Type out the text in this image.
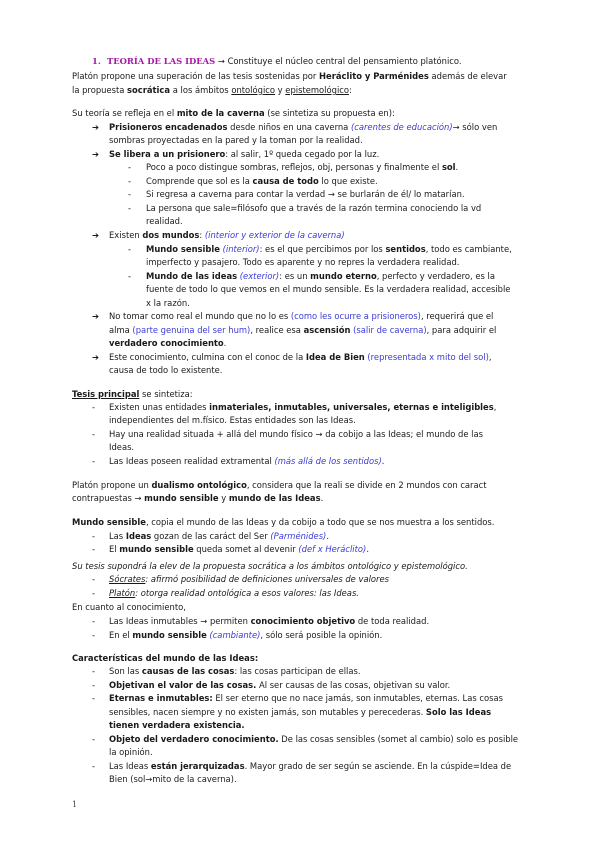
1. TEORÍA DE LAS IDEAS → Constituye el núcleo central del pensamiento platónico.
Platón propone una superación de las tesis sostenidas por Heráclito y Parménides además de elevar
la propuesta socrática a los ámbitos ontológico y epistemológico:
Su teoría se refleja en el mito de la caverna (se sintetiza su propuesta en):
➔ Prisioneros encadenados desde niños en una caverna (carentes de educación)→ sólo ven
sombras proyectadas en la pared y la toman por la realidad.
➔ Se libera a un prisionero: al salir, 1º queda cegado por la luz.
- Poco a poco distingue sombras, reflejos, obj, personas y finalmente el sol.
- Comprende que sol es la causa de todo lo que existe.
- Si regresa a caverna para contar la verdad → se burlarán de él/ lo matarían.
- La persona que sale=filósofo que a través de la razón termina conociendo la vd
realidad.
➔ Existen dos mundos: (interior y exterior de la caverna)
- Mundo sensible (interior): es el que percibimos por los sentidos, todo es cambiante,
imperfecto y pasajero. Todo es aparente y no repres la verdadera realidad.
- Mundo de las ideas (exterior): es un mundo eterno, perfecto y verdadero, es la
fuente de todo lo que vemos en el mundo sensible. Es la verdadera realidad, accesible
x la razón.
➔ No tomar como real el mundo que no lo es (como les ocurre a prisioneros), requerirá que el
alma (parte genuina del ser hum), realice esa ascensión (salir de caverna), para adquirir el
verdadero conocimiento.
➔ Este conocimiento, culmina con el conoc de la Idea de Bien (representada x mito del sol),
causa de todo lo existente.
Tesis principal se sintetiza:
- Existen unas entidades inmateriales, inmutables, universales, eternas e inteligibles,
independientes del m.físico. Estas entidades son las Ideas.
- Hay una realidad situada + allá del mundo físico → da cobijo a las Ideas; el mundo de las
Ideas.
- Las Ideas poseen realidad extramental (más allá de los sentidos).
Platón propone un dualismo ontológico, considera que la reali se divide en 2 mundos con caract
contrapuestas → mundo sensible y mundo de las Ideas.
Mundo sensible, copia el mundo de las Ideas y da cobijo a todo que se nos muestra a los sentidos.
- Las Ideas gozan de las caráct del Ser (Parménides).
- El mundo sensible queda somet al devenir (def x Heráclito).
Su tesis supondrá la elev de la propuesta socrática a los ámbitos ontológico y epistemológico.
- Sócrates: afirmó posibilidad de definiciones universales de valores
- Platón: otorga realidad ontológica a esos valores: las Ideas.
En cuanto al conocimiento,
- Las Ideas inmutables → permiten conocimiento objetivo de toda realidad.
- En el mundo sensible (cambiante), sólo será posible la opinión.
Características del mundo de las Ideas:
- Son las causas de las cosas: las cosas participan de ellas.
- Objetivan el valor de las cosas. Al ser causas de las cosas, objetivan su valor.
- Eternas e inmutables: El ser eterno que no nace jamás, son inmutables, eternas. Las cosas
sensibles, nacen siempre y no existen jamás, son mutables y perecederas. Solo las Ideas
tienen verdadera existencia.
- Objeto del verdadero conocimiento. De las cosas sensibles (somet al cambio) solo es posible
la opinión.
- Las Ideas están jerarquizadas. Mayor grado de ser según se asciende. En la cúspide=Idea de
Bien (sol→mito de la caverna).
1
